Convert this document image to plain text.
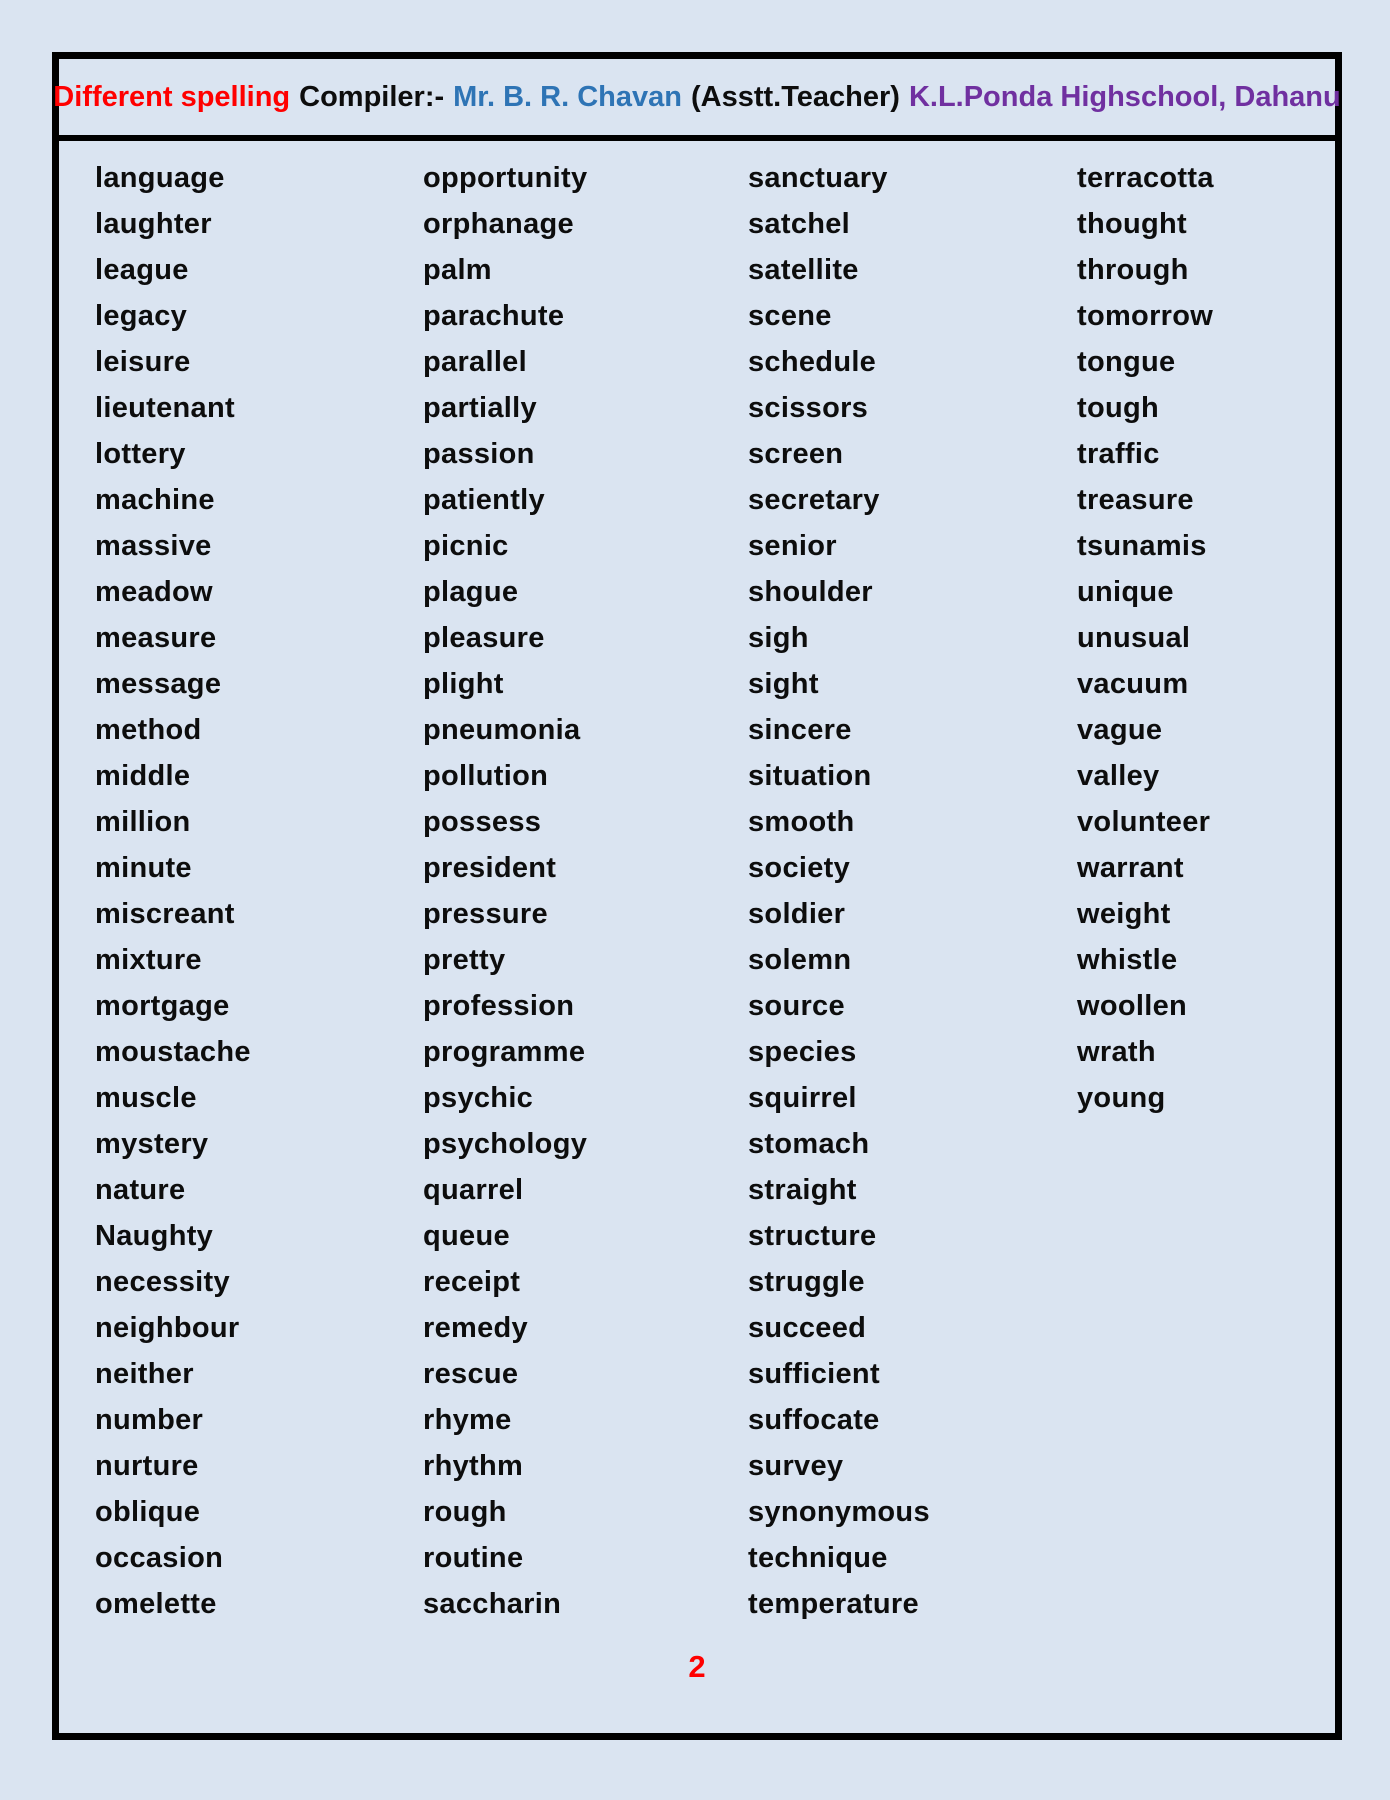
Different spelling Compiler:- Mr. B. R. Chavan (Asstt.Teacher) K.L.Ponda Highschool, Dahanu
language
laughter
league
legacy
leisure
lieutenant
lottery
machine
massive
meadow
measure
message
method
middle
million
minute
miscreant
mixture
mortgage
moustache
muscle
mystery
nature
Naughty
necessity
neighbour
neither
number
nurture
oblique
occasion
omelette
opportunity
orphanage
palm
parachute
parallel
partially
passion
patiently
picnic
plague
pleasure
plight
pneumonia
pollution
possess
president
pressure
pretty
profession
programme
psychic
psychology
quarrel
queue
receipt
remedy
rescue
rhyme
rhythm
rough
routine
saccharin
sanctuary
satchel
satellite
scene
schedule
scissors
screen
secretary
senior
shoulder
sigh
sight
sincere
situation
smooth
society
soldier
solemn
source
species
squirrel
stomach
straight
structure
struggle
succeed
sufficient
suffocate
survey
synonymous
technique
temperature
terracotta
thought
through
tomorrow
tongue
tough
traffic
treasure
tsunamis
unique
unusual
vacuum
vague
valley
volunteer
warrant
weight
whistle
woollen
wrath
young
2
